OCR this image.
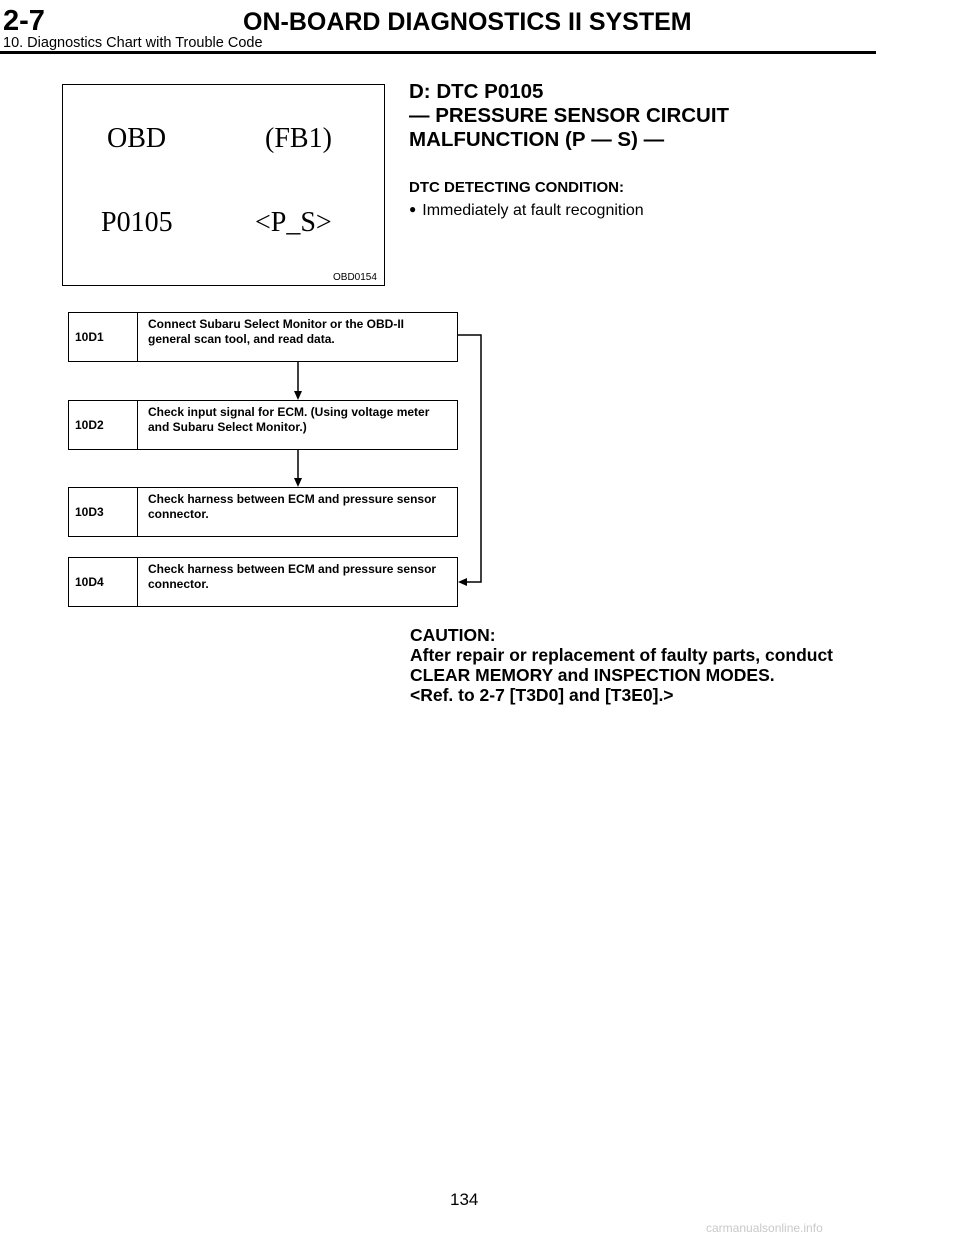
2-7	ON-BOARD DIAGNOSTICS II SYSTEM
10. Diagnostics Chart with Trouble Code
OBD	(FB1)
P0105	<P_S>
OBD0154
D: DTC P0105
— PRESSURE SENSOR CIRCUIT
MALFUNCTION (P — S) —
DTC DETECTING CONDITION:
● Immediately at fault recognition
10D1
Connect Subaru Select Monitor or the OBD-II general scan tool, and read data.
10D2
Check input signal for ECM. (Using voltage meter and Subaru Select Monitor.)
10D3
Check harness between ECM and pressure sensor connector.
10D4
Check harness between ECM and pressure sensor connector.
CAUTION:
After repair or replacement of faulty parts, conduct
CLEAR MEMORY and INSPECTION MODES.
<Ref. to 2-7 [T3D0] and [T3E0].>
134
carmanualsonline.info
